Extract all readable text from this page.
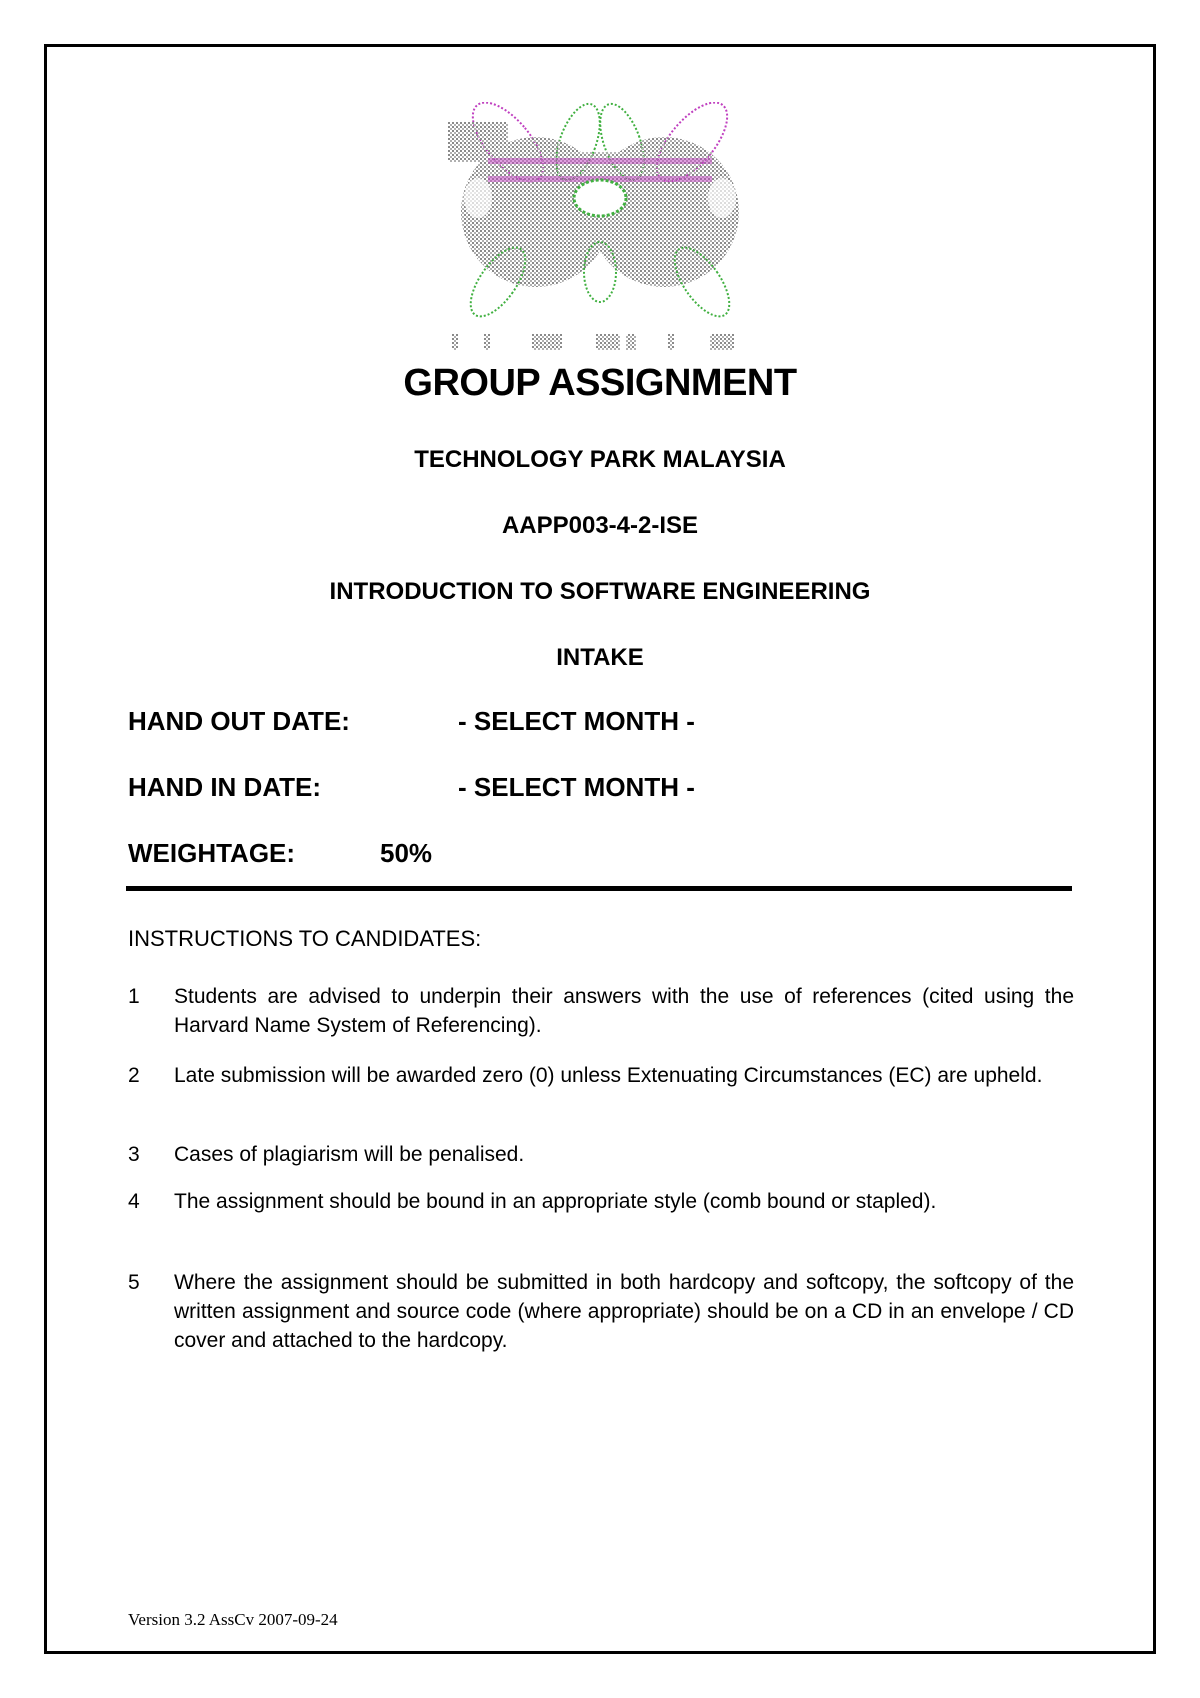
GROUP ASSIGNMENT
TECHNOLOGY PARK MALAYSIA
AAPP003-4-2-ISE
INTRODUCTION TO SOFTWARE ENGINEERING
INTAKE
HAND OUT DATE:	- SELECT MONTH -
HAND IN DATE:	- SELECT MONTH -
WEIGHTAGE:	50%
INSTRUCTIONS TO CANDIDATES:
1 Students are advised to underpin their answers with the use of references (cited using the Harvard Name System of Referencing).
2 Late submission will be awarded zero (0) unless Extenuating Circumstances (EC) are upheld.
3 Cases of plagiarism will be penalised.
4 The assignment should be bound in an appropriate style (comb bound or stapled).
5 Where the assignment should be submitted in both hardcopy and softcopy, the softcopy of the written assignment and source code (where appropriate) should be on a CD in an envelope / CD cover and attached to the hardcopy.
Version 3.2 AssCv 2007-09-24
